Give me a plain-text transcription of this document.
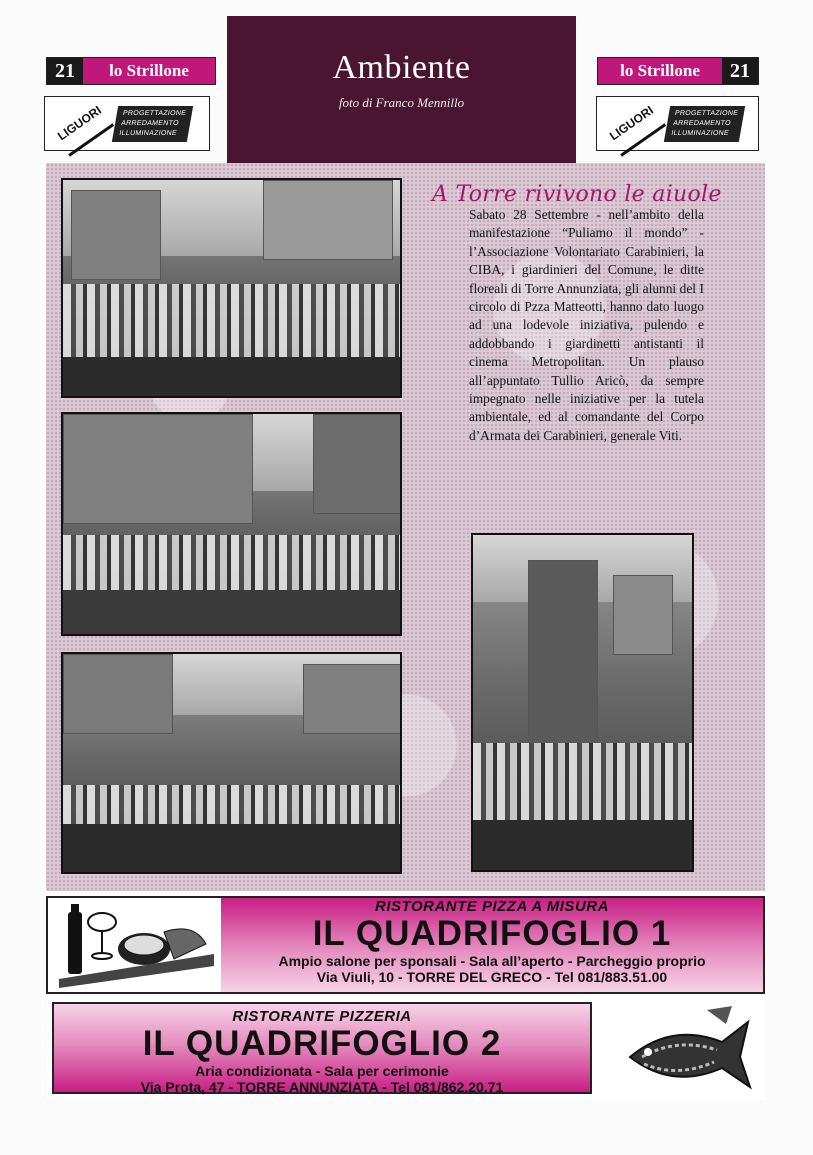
21	lo Strillone
LIGUORI	PROGETTAZIONE
ARREDAMENTO
ILLUMINAZIONE
Ambiente
foto di Franco Mennillo
21
lo Strillone
LIGUORI	PROGETTAZIONE
ARREDAMENTO
ILLUMINAZIONE
A Torre rivivono le aiuole
Sabato 28 Settembre - nell’ambito della manifestazione “Puliamo il mondo” - l’Associazione Volontariato Carabinieri, la CIBA, i giardinieri del Comune, le ditte floreali di Torre Annunziata, gli alunni del I circolo di Pzza Matteotti, hanno dato luogo ad una lodevole iniziativa, pulendo e addobbando i giardinetti antistanti il cinema Metropolitan. Un plauso all’appuntato Tullio Aricò, da sempre impegnato nelle iniziative per la tutela ambientale, ed al comandante del Corpo d’Armata dei Carabinieri, generale Viti.
RISTORANTE PIZZA A MISURA
IL QUADRIFOGLIO 1
Ampio salone per sponsali - Sala all’aperto - Parcheggio proprio
Via Viuli, 10 - TORRE DEL GRECO - Tel 081/883.51.00
RISTORANTE PIZZERIA
IL QUADRIFOGLIO 2
Aria condizionata - Sala per cerimonie
Via Prota, 47 - TORRE ANNUNZIATA - Tel 081/862.20.71
